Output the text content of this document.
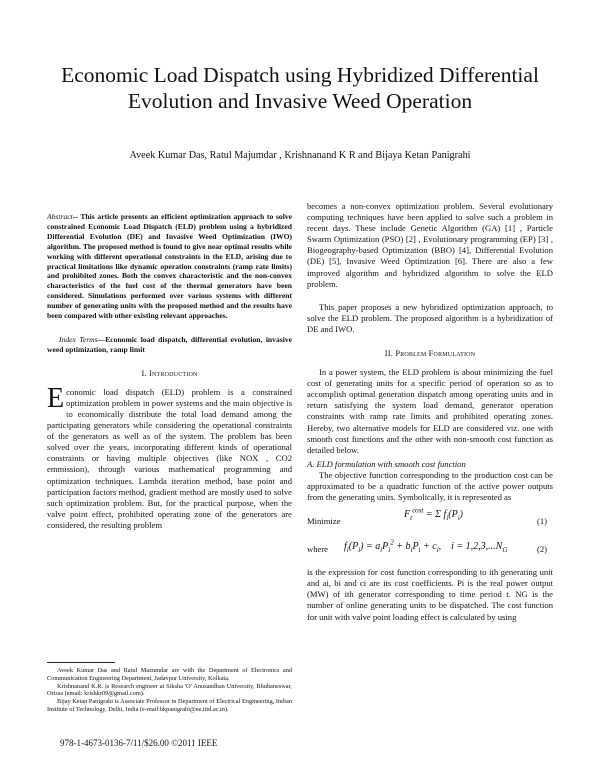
Economic Load Dispatch using Hybridized Differential Evolution and Invasive Weed Operation
Aveek Kumar Das, Ratul Majumdar , Krishnanand K R and Bijaya Ketan Panigrahi

Abstract-- This article presents an efficient optimization approach to solve constrained Economic Load Dispatch (ELD) problem using a hybridized Differential Evolution (DE) and Invasive Weed Optimization (IWO) algorithm. The proposed method is found to give near optimal results while working with different operational constraints in the ELD, arising due to practical limitations like dynamic operation constraints (ramp rate limits) and prohibited zones. Both the convex characteristic and the non-convex characteristics of the fuel cost of the thermal generators have been considered. Simulations performed over various systems with different number of generating units with the proposed method and the results have been compared with other existing relevant approaches.

Index Terms—Economic load dispatch, differential evolution, invasive weed optimization, ramp limit

I. Introduction

Economic load dispatch (ELD) problem is a constrained optimization problem in power systems and the main objective is to economically distribute the total load demand among the participating generators while considering the operational constraints of the generators as well as of the system. The problem has been solved over the years, incorporating different kinds of operational constraints or having multiple objectives (like NOX , CO2 emmission), through various mathematical programming and optimization techniques. Lambda iteration method, base point and participation factors method, gradient method are mostly used to solve such optimization problem. But, for the practical purpose, when the valve point effect, prohibited operating zone of the generators are considered, the resulting problem

becomes a non-convex optimization problem. Several evolutionary computing techniques have been applied to solve such a problem in recent days. These include Genetic Algorithm (GA) [1] , Particle Swarm Optimization (PSO) [2] , Evolutionary programming (EP) [3] , Biogeography-based Optimization (BBO) [4], Differential Evolution (DE) [5], Invasive Weed Optimization [6]. There are also a few improved algorithm and hybridized algorithm to solve the ELD problem.

This paper proposes a new hybridized optimization approach, to solve the ELD problem. The proposed algorithm is a hybridization of DE and IWO.

II. Problem Formulation

In a power system, the ELD problem is about minimizing the fuel cost of generating units for a specific period of operation so as to accomplish optimal generation dispatch among operating units and in return satisfying the system load demand, generator operation constraints with ramp rate limits and prohibited operating zones. Hereby, two alternative models for ELD are considered viz. one with smooth cost functions and the other with non-smooth cost function as detailed below.

A. ELD formulation with smooth cost function

The objective function corresponding to the production cost can be approximated to be a quadratic function of the active power outputs from the generating units. Symbolically, it is represented as

Minimize
$F_t^{cost} = \Sigma$ $f_i(P_i)$
(1)
where $f_i(P_i) = a_iP_i^2 + b_iP_i + c_i$,    $i = 1,2,3,...N_G$	(2)

is the expression for cost function corresponding to ith generating unit and ai, bi and ci are its cost coefficients. Pi is the real power output (MW) of ith generator corresponding to time period t. NG is the number of online generating units to be dispatched. The cost function for unit with valve point loading effect is calculated by using

Aveek Kumar Das and Ratul Mazumdar are with the Department of Electronics and Communication Engineering Department, Jadavpur University, Kolkata.

Krishnanand K.R. is Research engineer at Siksha 'O' Anusandhan University, Bhubaneswar, Orissa (email: krishkr09@gmail.com).

Bijay Ketan Panigrahi is Associate Professor in Department of Electrical Engineering, Indian Institute of Technology, Delhi, India (e-mail:bkpanigrahi@ee.iitd.ac.in).

978-1-4673-0136-7/11/$26.00 ©2011 IEEE
